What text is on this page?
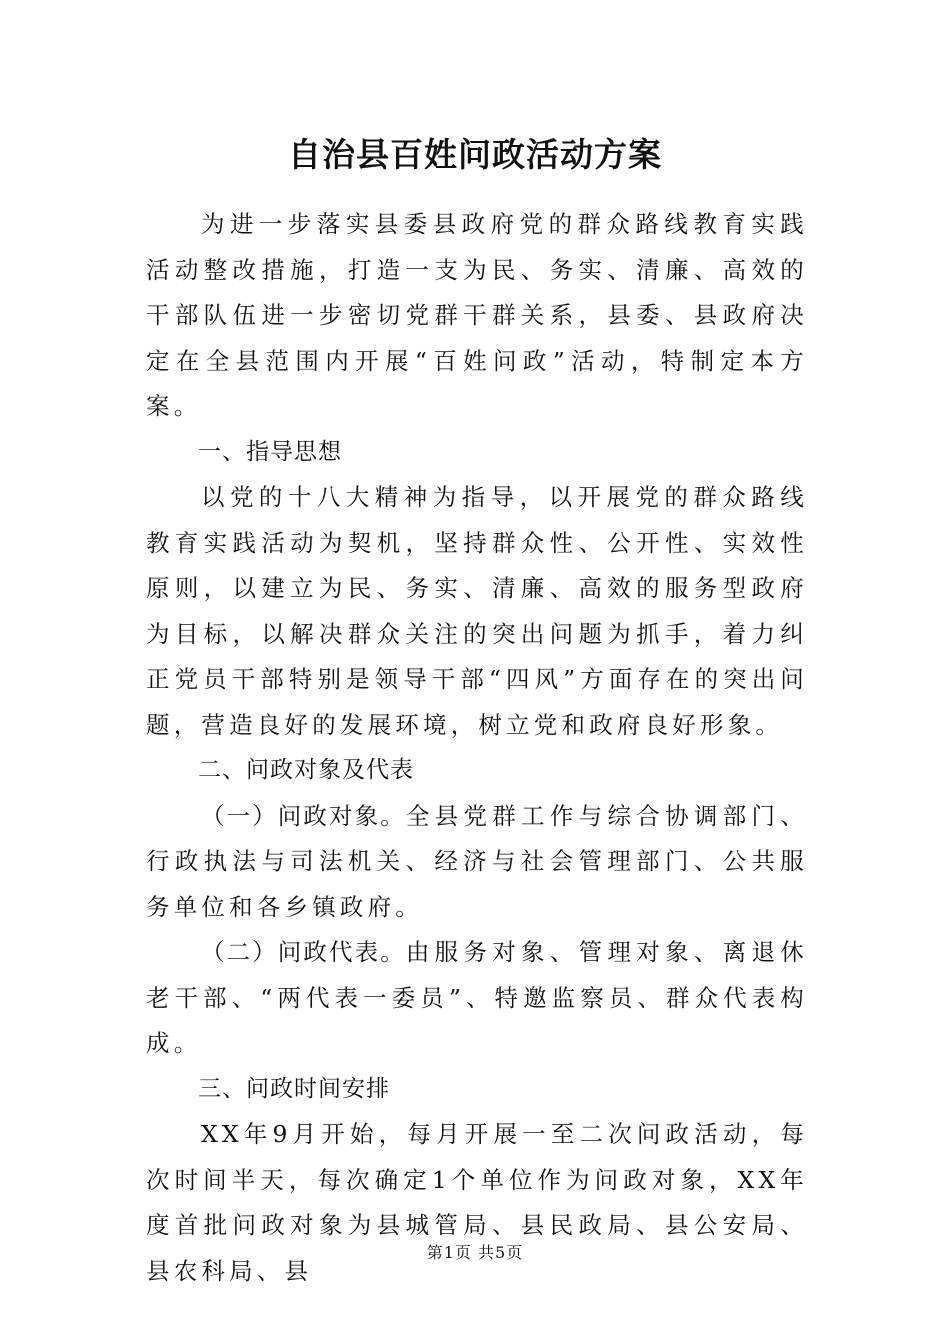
自治县百姓问政活动方案

为进一步落实县委县政府党的群众路线教育实践活动整改措施，打造一支为民、务实、清廉、高效的干部队伍进一步密切党群干群关系，县委、县政府决定在全县范围内开展“百姓问政”活动，特制定本方案。

一、指导思想

以党的十八大精神为指导，以开展党的群众路线教育实践活动为契机，坚持群众性、公开性、实效性原则，以建立为民、务实、清廉、高效的服务型政府为目标，以解决群众关注的突出问题为抓手，着力纠正党员干部特别是领导干部“四风”方面存在的突出问题，营造良好的发展环境，树立党和政府良好形象。

二、问政对象及代表

（一）问政对象。全县党群工作与综合协调部门、行政执法与司法机关、经济与社会管理部门、公共服务单位和各乡镇政府。

（二）问政代表。由服务对象、管理对象、离退休老干部、“两代表一委员”、特邀监察员、群众代表构成。

三、问政时间安排

XX年9月开始，每月开展一至二次问政活动，每次时间半天，每次确定1个单位作为问政对象，XX年度首批问政对象为县城管局、县民政局、县公安局、县农科局、县

第1页 共5页
